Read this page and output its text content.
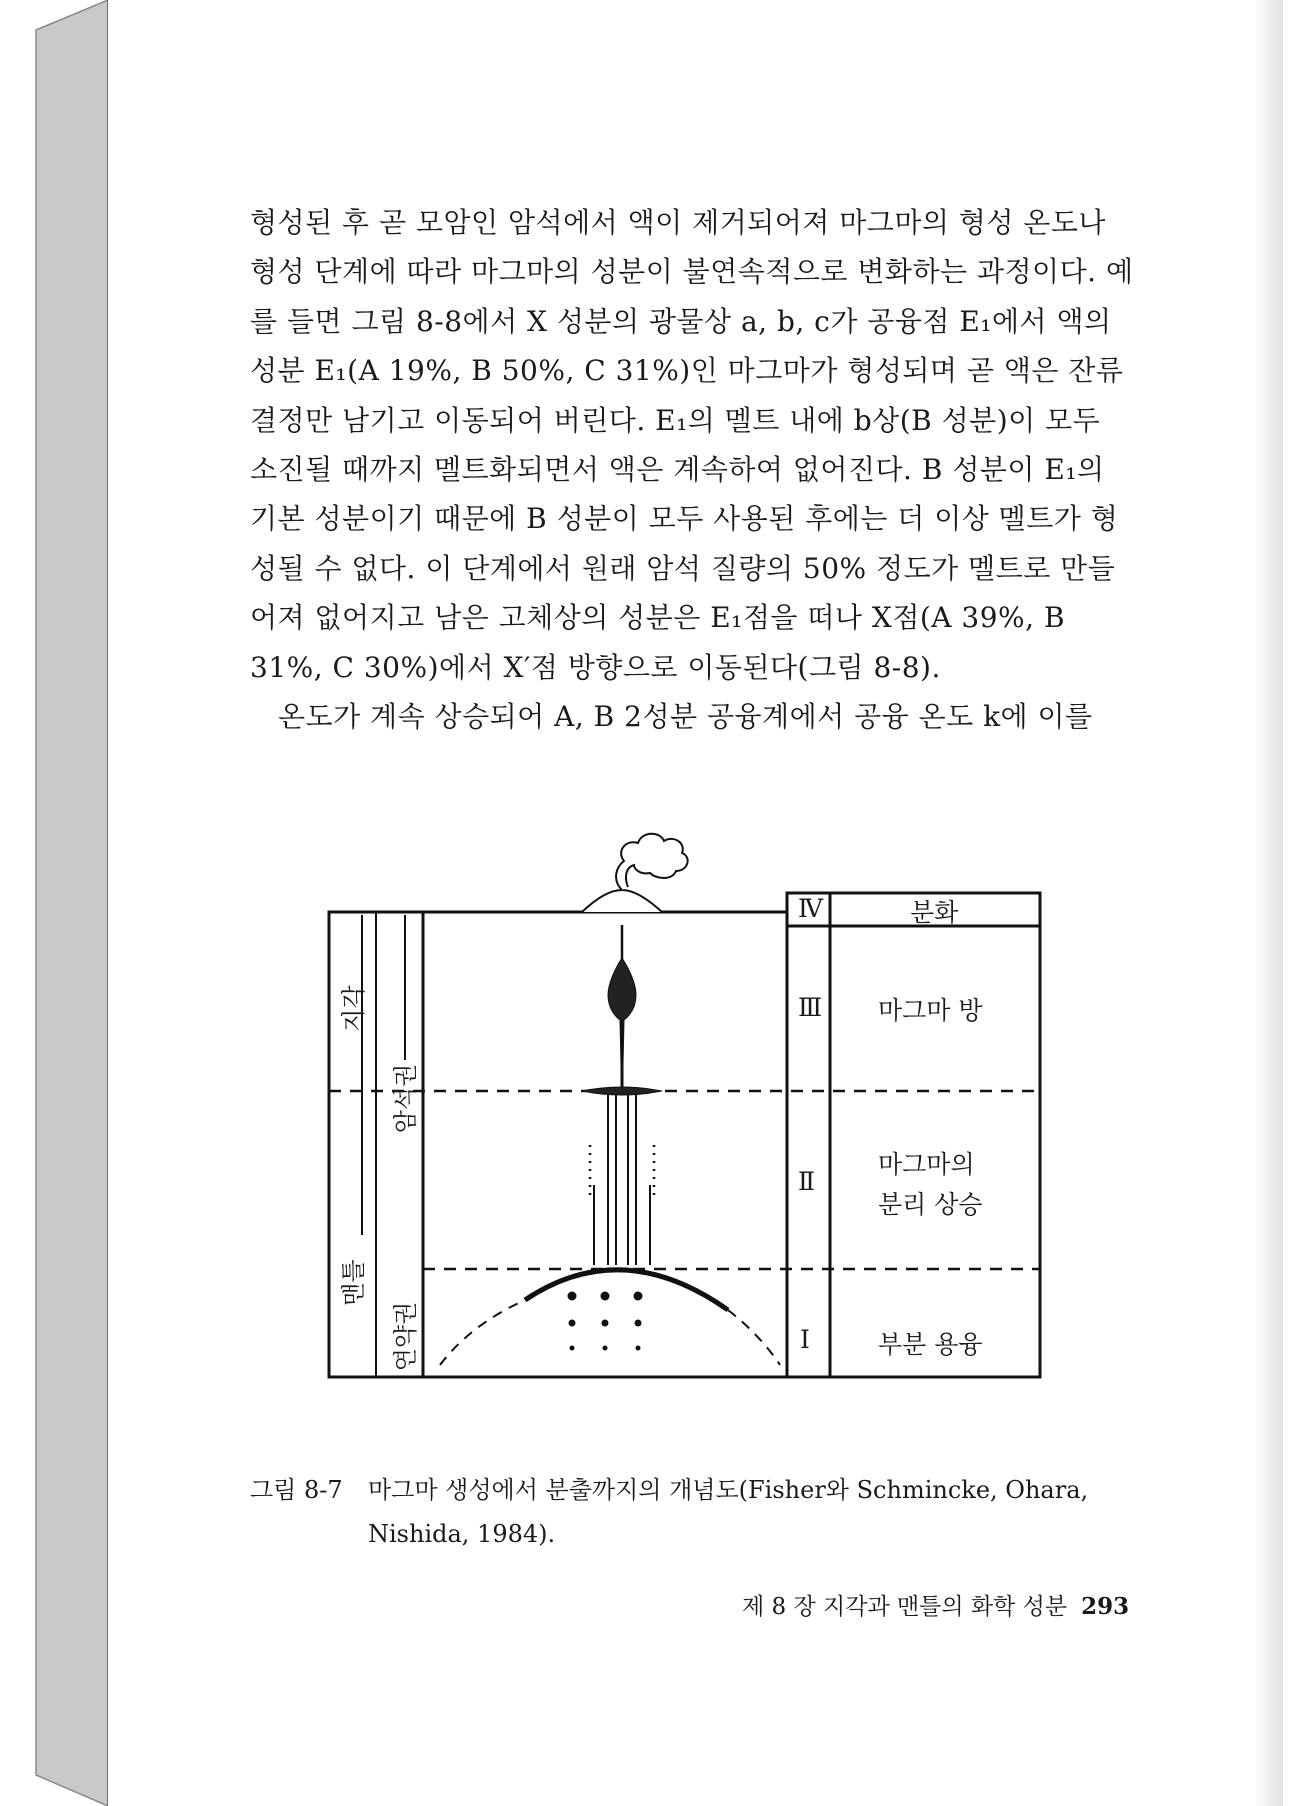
형성된 후 곧 모암인 암석에서 액이 제거되어져 마그마의 형성 온도나

형성 단계에 따라 마그마의 성분이 불연속적으로 변화하는 과정이다. 예

를 들면 그림 8-8에서 X 성분의 광물상 a, b, c가 공융점 E₁에서 액의

성분 E₁(A 19%, B 50%, C 31%)인 마그마가 형성되며 곧 액은 잔류

결정만 남기고 이동되어 버린다. E₁의 멜트 내에 b상(B 성분)이 모두

소진될 때까지 멜트화되면서 액은 계속하여 없어진다. B 성분이 E₁의

기본 성분이기 때문에 B 성분이 모두 사용된 후에는 더 이상 멜트가 형

성될 수 없다. 이 단계에서 원래 암석 질량의 50% 정도가 멜트로 만들

어져 없어지고 남은 고체상의 성분은 E₁점을 떠나 X점(A 39%, B

31%, C 30%)에서 X′점 방향으로 이동된다(그림 8-8).

온도가 계속 상승되어 A, B 2성분 공융계에서 공융 온도 k에 이를

Ⅳ
Ⅲ
Ⅱ
Ⅰ
분화
마그마 방
마그마의
분리 상승
부분 용융
지각
암석권
맨틀
연약권
그림 8-7 마그마 생성에서 분출까지의 개념도(Fisher와 Schmincke, Ohara,
Nishida, 1984).
제 8 장 지각과 맨틀의 화학 성분 293
